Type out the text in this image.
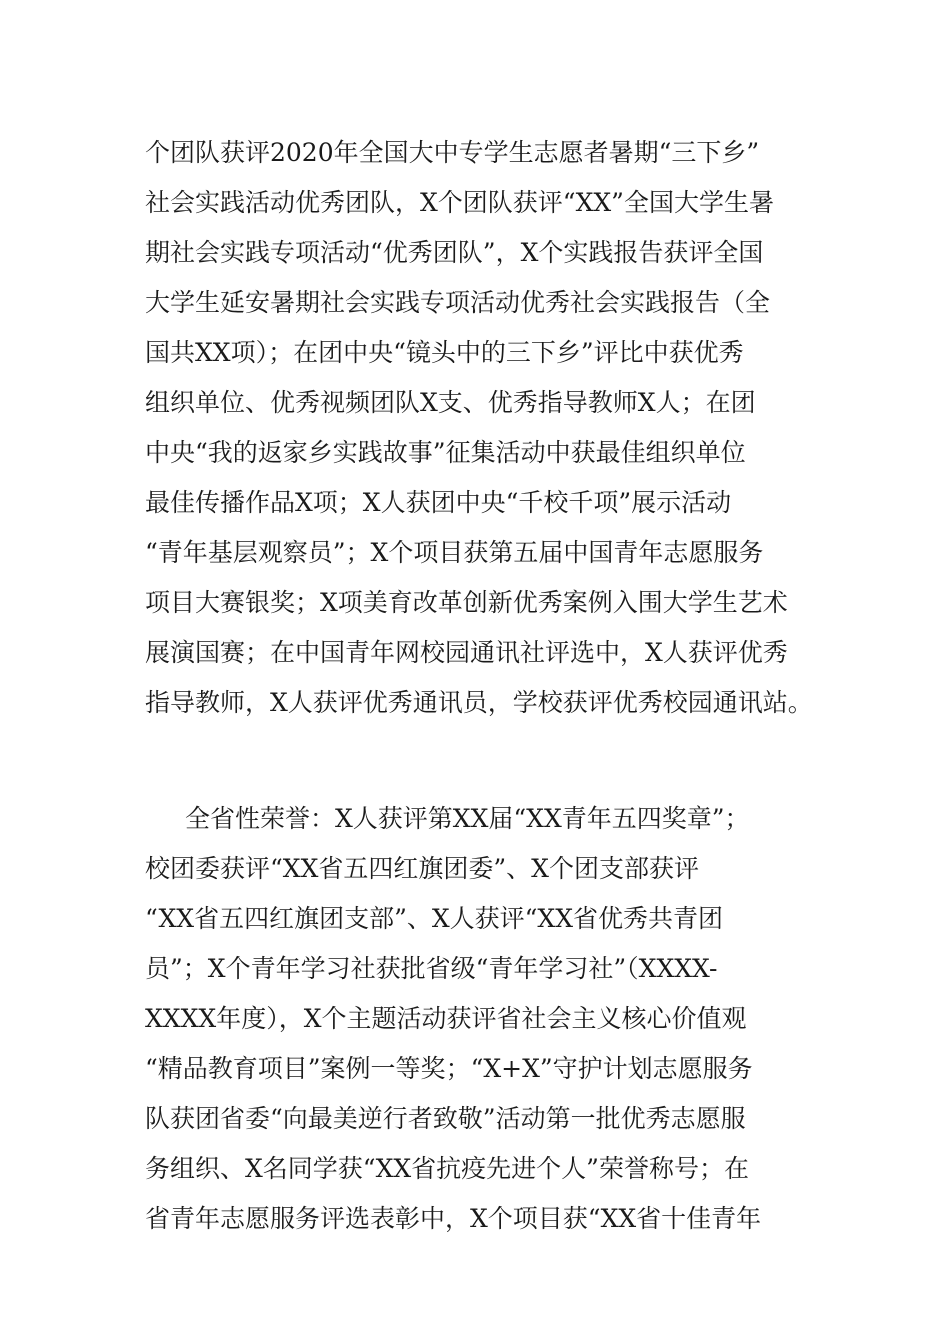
个团队获评2020年全国大中专学生志愿者暑期“三下乡”
社会实践活动优秀团队，X个团队获评“XX”全国大学生暑
期社会实践专项活动“优秀团队”，X个实践报告获评全国
大学生延安暑期社会实践专项活动优秀社会实践报告（全
国共XX项）；在团中央“镜头中的三下乡”评比中获优秀
组织单位、优秀视频团队X支、优秀指导教师X人；在团
中央“我的返家乡实践故事”征集活动中获最佳组织单位
最佳传播作品X项；X人获团中央“千校千项”展示活动
“青年基层观察员”；X个项目获第五届中国青年志愿服务
项目大赛银奖；X项美育改革创新优秀案例入围大学生艺术
展演国赛；在中国青年网校园通讯社评选中，X人获评优秀
指导教师，X人获评优秀通讯员，学校获评优秀校园通讯站。
全省性荣誉：X人获评第XX届“XX青年五四奖章”；
校团委获评“XX省五四红旗团委”、X个团支部获评
“XX省五四红旗团支部”、X人获评“XX省优秀共青团
员”；X个青年学习社获批省级“青年学习社”（XXXX-
XXXX年度），X个主题活动获评省社会主义核心价值观
“精品教育项目”案例一等奖；“X+X”守护计划志愿服务
队获团省委“向最美逆行者致敬”活动第一批优秀志愿服
务组织、X名同学获“XX省抗疫先进个人”荣誉称号；在
省青年志愿服务评选表彰中，X个项目获“XX省十佳青年
